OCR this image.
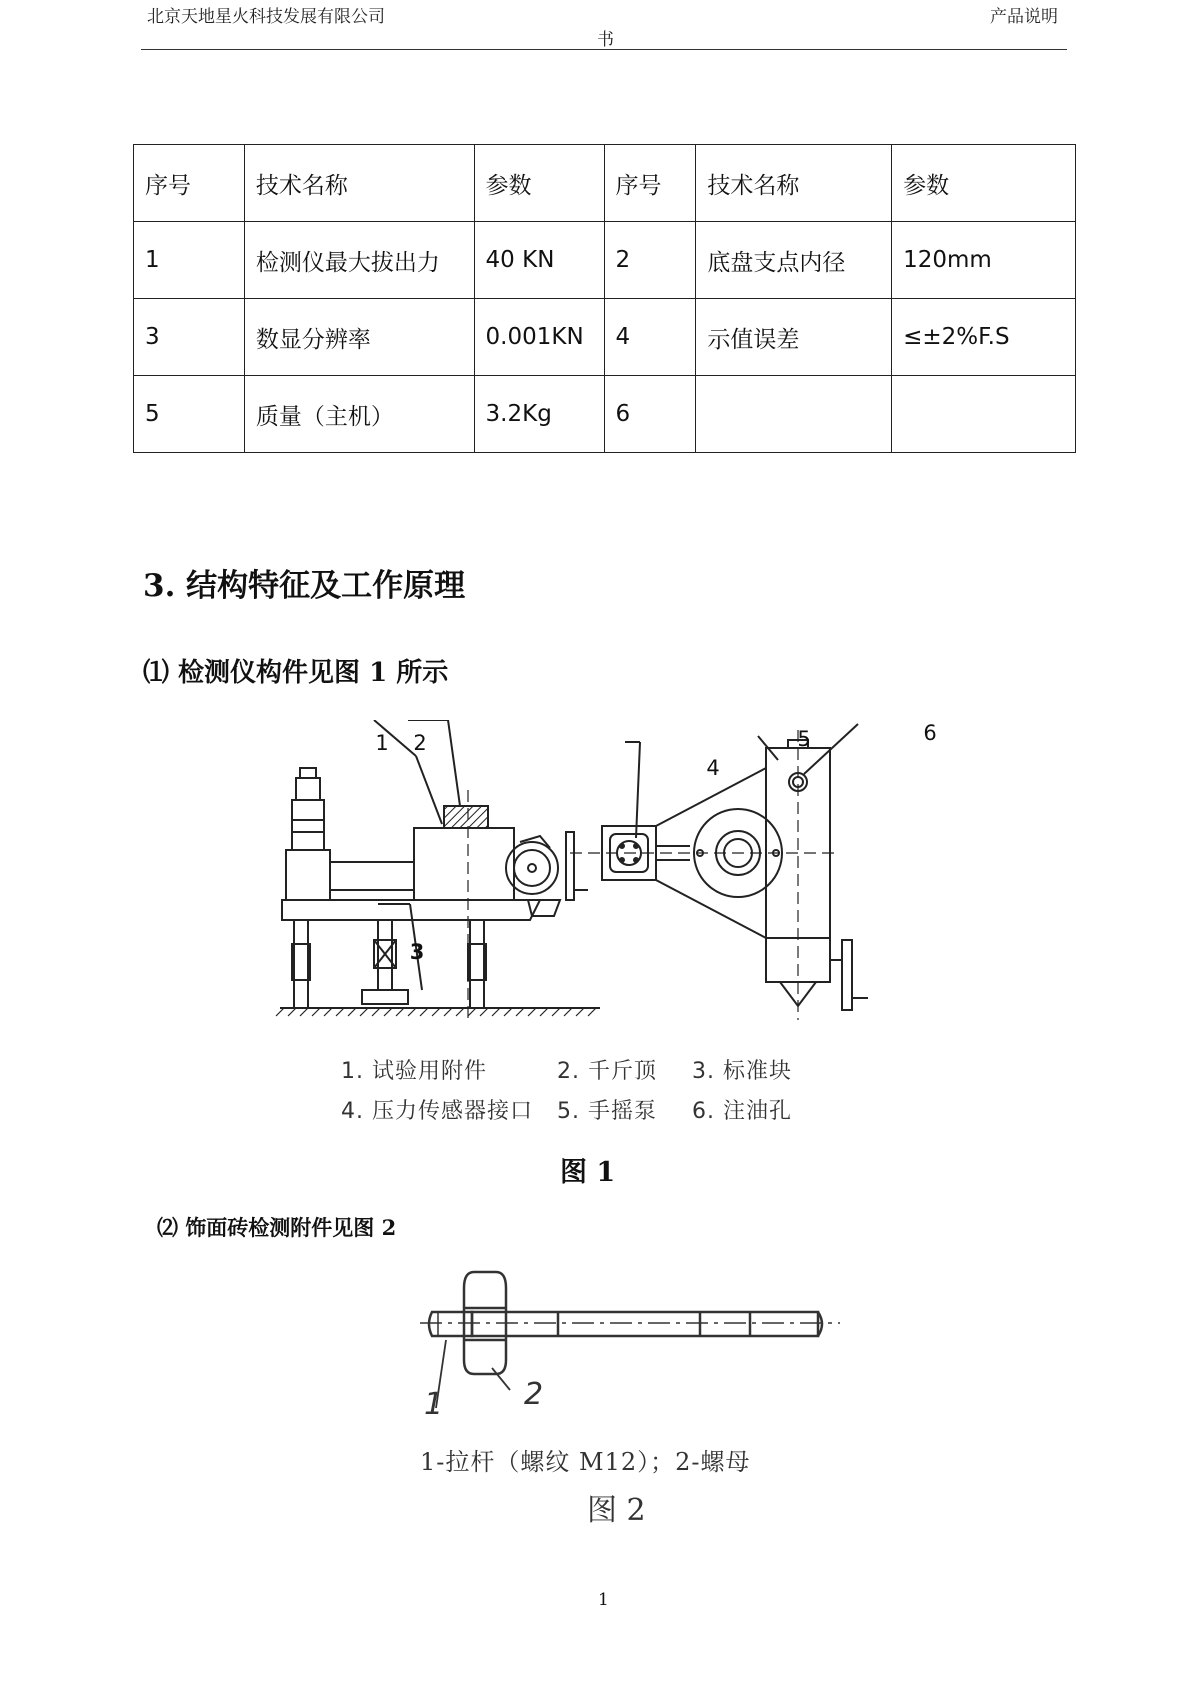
北京天地星火科技发展有限公司	产品说明
书
序号	技术名称	参数	序号	技术名称	参数
1	检测仪最大拔出力	40 KN	2	底盘支点内径	120mm
3	数显分辨率	0.001KN	4	示值误差	≤±2%F.S
5	质量（主机）	3.2Kg	6		
3. 结构特征及工作原理
⑴ 检测仪构件见图 1 所示
1 2
3
4
5	6
1. 试验用附件	2. 千斤顶 3. 标准块
4. 压力传感器接口 5. 手摇泵 6. 注油孔
图 1
⑵ 饰面砖检测附件见图 2
1	2
1-拉杆（螺纹 M12）；2-螺母
图 2
1
